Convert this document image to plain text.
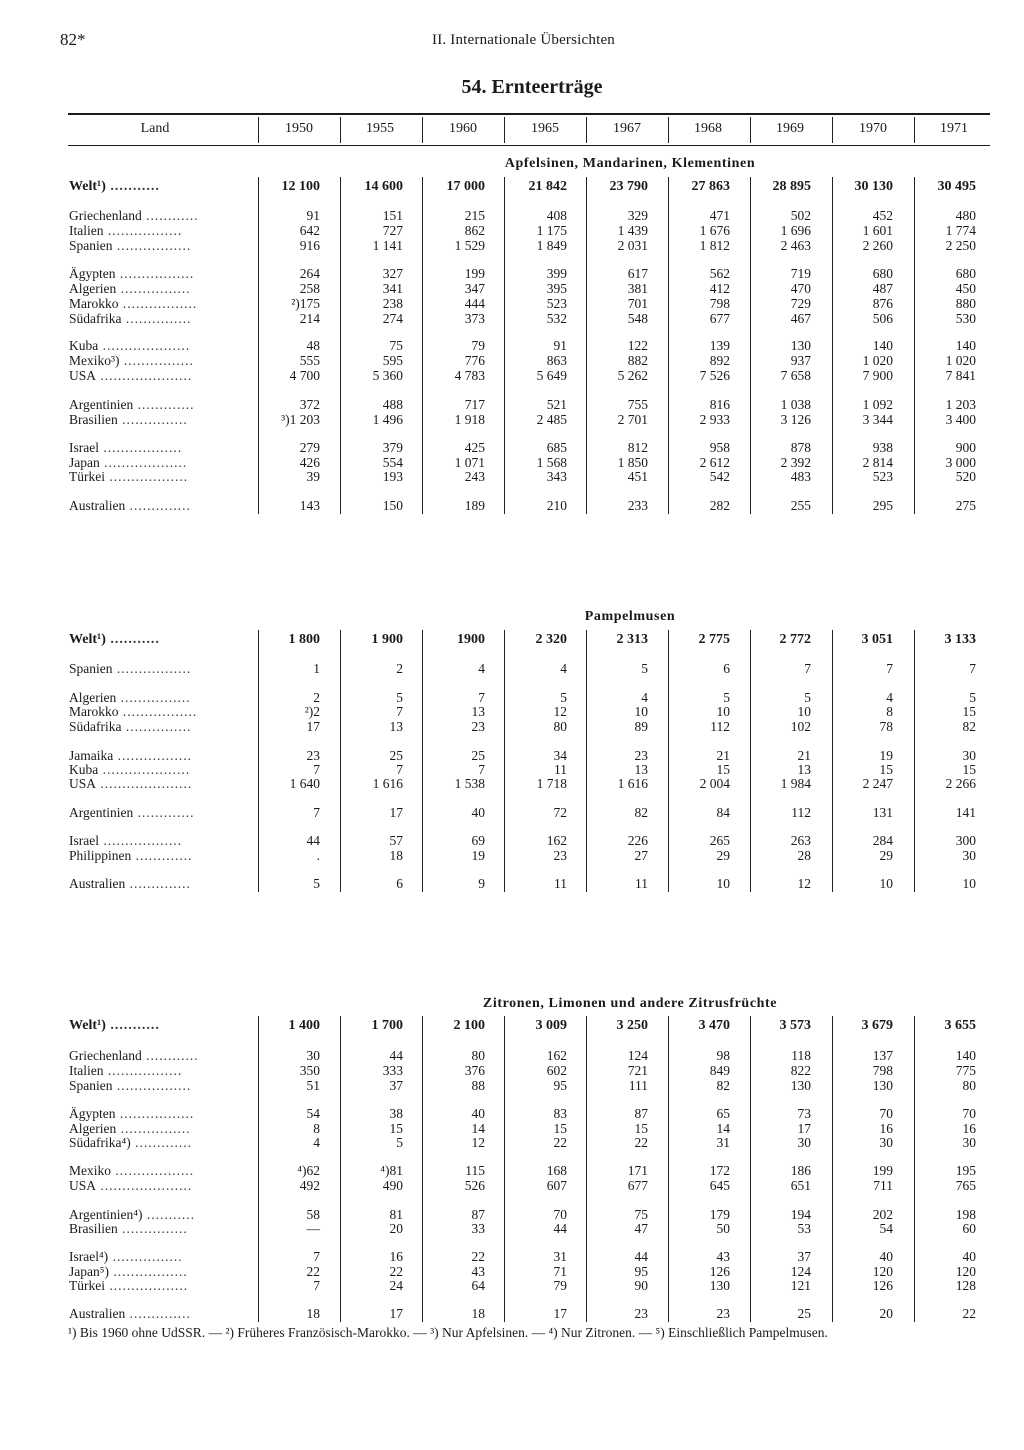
82*	II. Internationale Übersichten
54. Ernteerträge
Land	1950	1955	1960	1965	1967	1968	1969	1970	1971
Apfelsinen, Mandarinen, Klementinen
Welt¹) ...........	12 100	14 600	17 000	21 842	23 790	27 863	28 895	30 130	30 495
Griechenland ............	91	151	215	408	329	471	502	452	480
Italien .................	642	727	862	1 175	1 439	1 676	1 696	1 601	1 774
Spanien .................	916	1 141	1 529	1 849	2 031	1 812	2 463	2 260	2 250
Ägypten .................	264	327	199	399	617	562	719	680	680
Algerien ................	258	341	347	395	381	412	470	487	450
Marokko .................	²)175	238	444	523	701	798	729	876	880
Südafrika ...............	214	274	373	532	548	677	467	506	530
Kuba ....................	48	75	79	91	122	139	130	140	140
Mexiko³) ................	555	595	776	863	882	892	937	1 020	1 020
USA .....................	4 700	5 360	4 783	5 649	5 262	7 526	7 658	7 900	7 841
Argentinien .............	372	488	717	521	755	816	1 038	1 092	1 203
Brasilien ...............	³)1 203	1 496	1 918	2 485	2 701	2 933	3 126	3 344	3 400
Israel ..................	279	379	425	685	812	958	878	938	900
Japan ...................	426	554	1 071	1 568	1 850	2 612	2 392	2 814	3 000
Türkei ..................	39	193	243	343	451	542	483	523	520
Australien ..............	143	150	189	210	233	282	255	295	275
Pampelmusen
Welt¹) ...........	1 800	1 900	1900	2 320	2 313	2 775	2 772	3 051	3 133
Spanien .................	1	2	4	4	5	6	7	7	7
Algerien ................	2	5	7	5	4	5	5	4	5
Marokko .................	²)2	7	13	12	10	10	10	8	15
Südafrika ...............	17	13	23	80	89	112	102	78	82
Jamaika .................	23	25	25	34	23	21	21	19	30
Kuba ....................	7	7	7	11	13	15	13	15	15
USA .....................	1 640	1 616	1 538	1 718	1 616	2 004	1 984	2 247	2 266
Argentinien .............	7	17	40	72	82	84	112	131	141
Israel ..................	44	57	69	162	226	265	263	284	300
Philippinen .............	.	18	19	23	27	29	28	29	30
Australien ..............	5	6	9	11	11	10	12	10	10
Zitronen, Limonen und andere Zitrusfrüchte
Welt¹) ...........	1 400	1 700	2 100	3 009	3 250	3 470	3 573	3 679	3 655
Griechenland ............	30	44	80	162	124	98	118	137	140
Italien .................	350	333	376	602	721	849	822	798	775
Spanien .................	51	37	88	95	111	82	130	130	80
Ägypten .................	54	38	40	83	87	65	73	70	70
Algerien ................	8	15	14	15	15	14	17	16	16
Südafrika⁴) .............	4	5	12	22	22	31	30	30	30
Mexiko ..................	⁴)62	⁴)81	115	168	171	172	186	199	195
USA .....................	492	490	526	607	677	645	651	711	765
Argentinien⁴) ...........	58	81	87	70	75	179	194	202	198
Brasilien ...............	—	20	33	44	47	50	53	54	60
Israel⁴) ................	7	16	22	31	44	43	37	40	40
Japan⁵) .................	22	22	43	71	95	126	124	120	120
Türkei ..................	7	24	64	79	90	130	121	126	128
Australien ..............	18	17	18	17	23	23	25	20	22
¹) Bis 1960 ohne UdSSR. — ²) Früheres Französisch-Marokko. — ³) Nur Apfelsinen. — ⁴) Nur Zitronen. — ⁵) Einschließlich Pampelmusen.
